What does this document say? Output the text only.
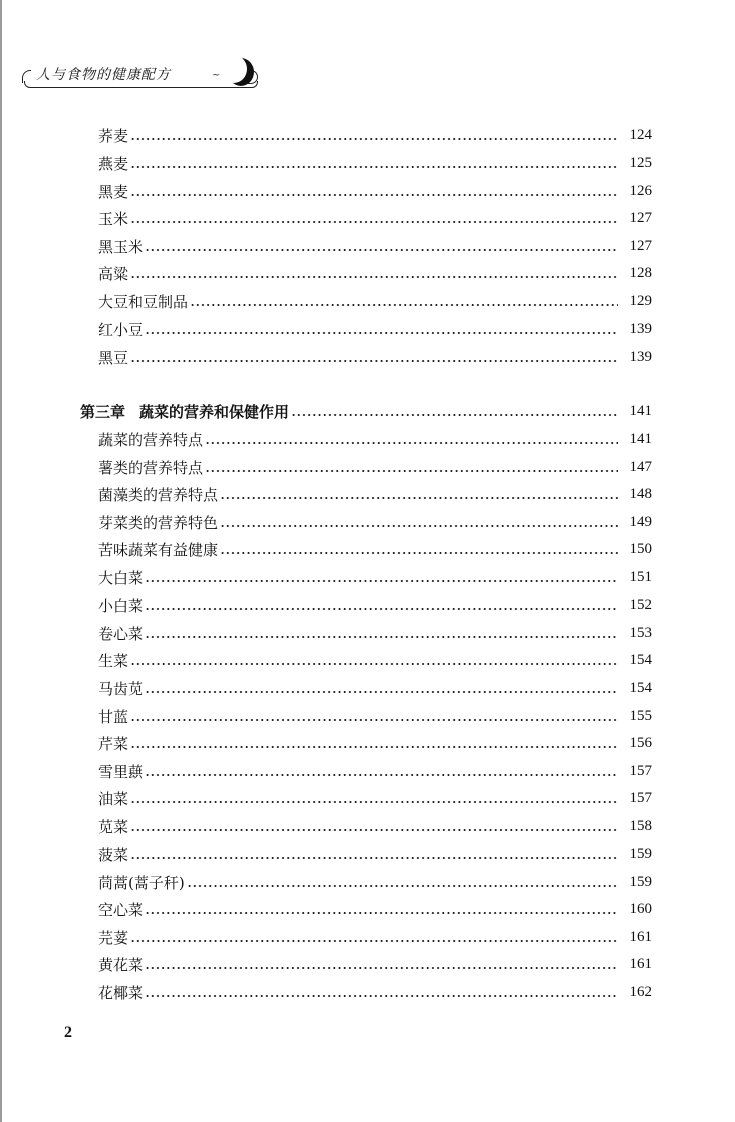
人与食物的健康配方	~
荞麦	124
燕麦	125
黑麦	126
玉米	127
黑玉米	127
高粱	128
大豆和豆制品	129
红小豆	139
黑豆	139
第三章 蔬菜的营养和保健作用	141
蔬菜的营养特点	141
薯类的营养特点	147
菌藻类的营养特点	148
芽菜类的营养特色	149
苦味蔬菜有益健康	150
大白菜	151
小白菜	152
卷心菜	153
生菜	154
马齿苋	154
甘蓝	155
芹菜	156
雪里蕻	157
油菜	157
苋菜	158
菠菜	159
茼蒿(蒿子秆)	159
空心菜	160
芫荽	161
黄花菜	161
花椰菜	162
2
